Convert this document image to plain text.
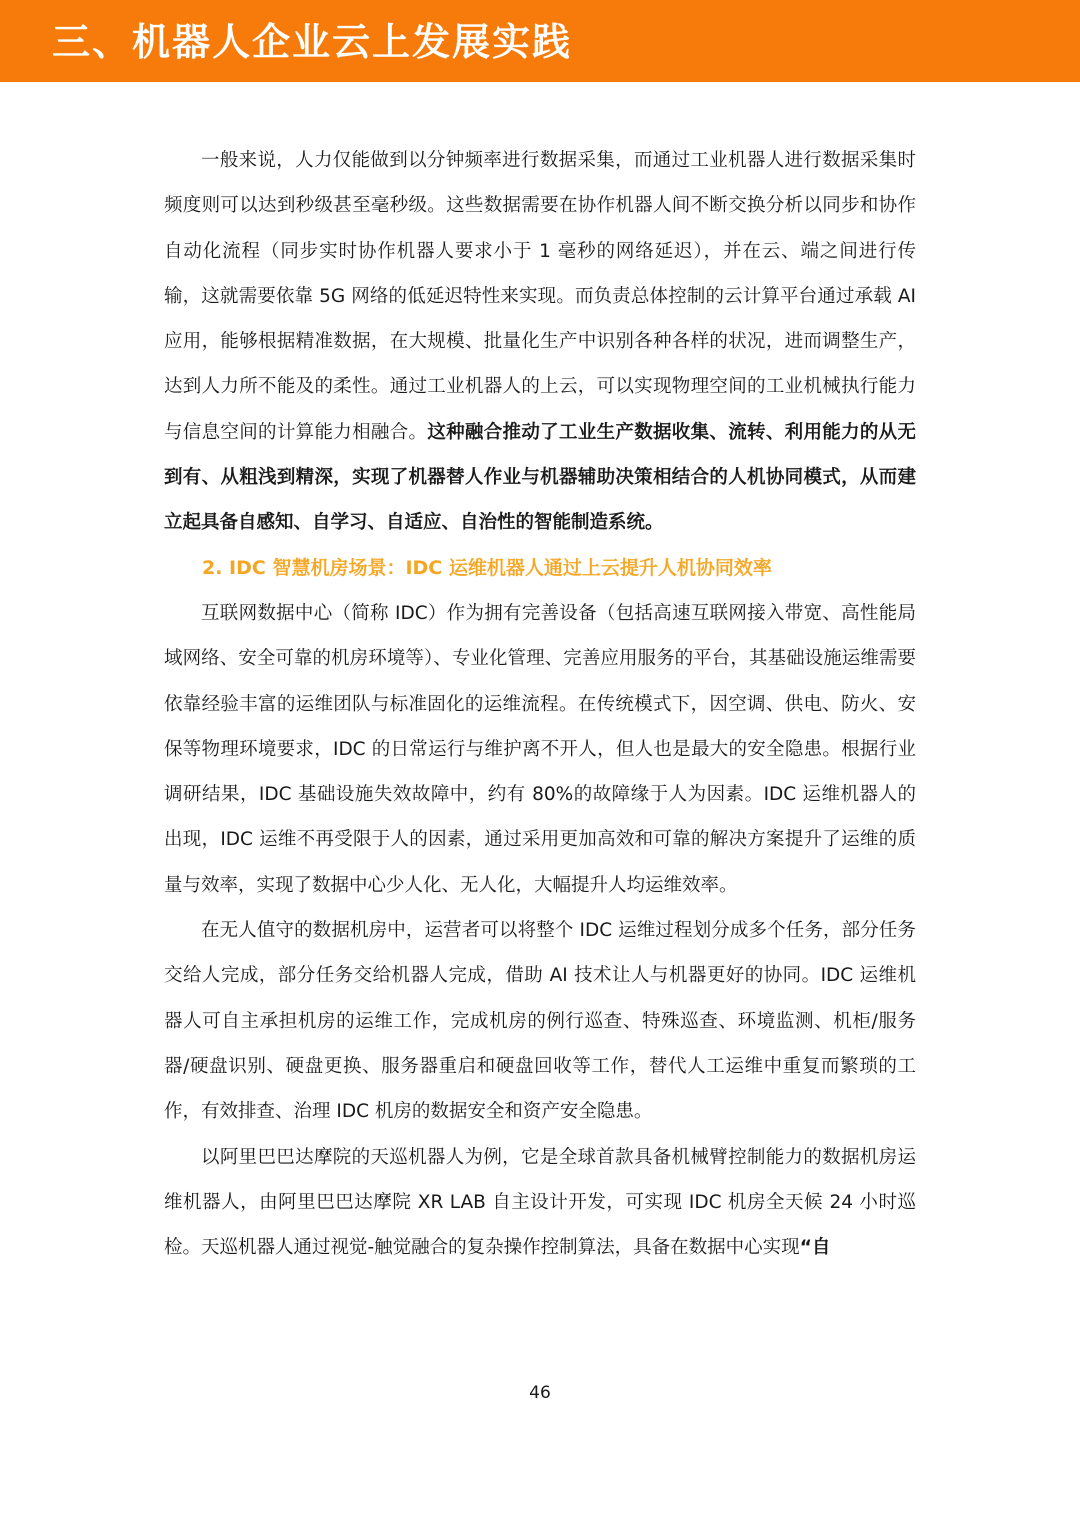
三、机器人企业云上发展实践

一般来说，人力仅能做到以分钟频率进行数据采集，而通过工业机器人进行数据采集时频度则可以达到秒级甚至毫秒级。这些数据需要在协作机器人间不断交换分析以同步和协作自动化流程（同步实时协作机器人要求小于 1 毫秒的网络延迟），并在云、端之间进行传输，这就需要依靠 5G 网络的低延迟特性来实现。而负责总体控制的云计算平台通过承载 AI 应用，能够根据精准数据，在大规模、批量化生产中识别各种各样的状况，进而调整生产，达到人力所不能及的柔性。通过工业机器人的上云，可以实现物理空间的工业机械执行能力与信息空间的计算能力相融合。这种融合推动了工业生产数据收集、流转、利用能力的从无到有、从粗浅到精深，实现了机器替人作业与机器辅助决策相结合的人机协同模式，从而建立起具备自感知、自学习、自适应、自治性的智能制造系统。

2. IDC 智慧机房场景：IDC 运维机器人通过上云提升人机协同效率

互联网数据中心（简称 IDC）作为拥有完善设备（包括高速互联网接入带宽、高性能局域网络、安全可靠的机房环境等）、专业化管理、完善应用服务的平台，其基础设施运维需要依靠经验丰富的运维团队与标准固化的运维流程。在传统模式下，因空调、供电、防火、安保等物理环境要求，IDC 的日常运行与维护离不开人，但人也是最大的安全隐患。根据行业调研结果，IDC 基础设施失效故障中，约有 80%的故障缘于人为因素。IDC 运维机器人的出现，IDC 运维不再受限于人的因素，通过采用更加高效和可靠的解决方案提升了运维的质量与效率，实现了数据中心少人化、无人化，大幅提升人均运维效率。

在无人值守的数据机房中，运营者可以将整个 IDC 运维过程划分成多个任务，部分任务交给人完成，部分任务交给机器人完成，借助 AI 技术让人与机器更好的协同。IDC 运维机器人可自主承担机房的运维工作，完成机房的例行巡查、特殊巡查、环境监测、机柜/服务器/硬盘识别、硬盘更换、服务器重启和硬盘回收等工作，替代人工运维中重复而繁琐的工作，有效排查、治理 IDC 机房的数据安全和资产安全隐患。

以阿里巴巴达摩院的天巡机器人为例，它是全球首款具备机械臂控制能力的数据机房运维机器人，由阿里巴巴达摩院 XR LAB 自主设计开发，可实现 IDC 机房全天候 24 小时巡检。天巡机器人通过视觉-触觉融合的复杂操作控制算法，具备在数据中心实现“自

46
